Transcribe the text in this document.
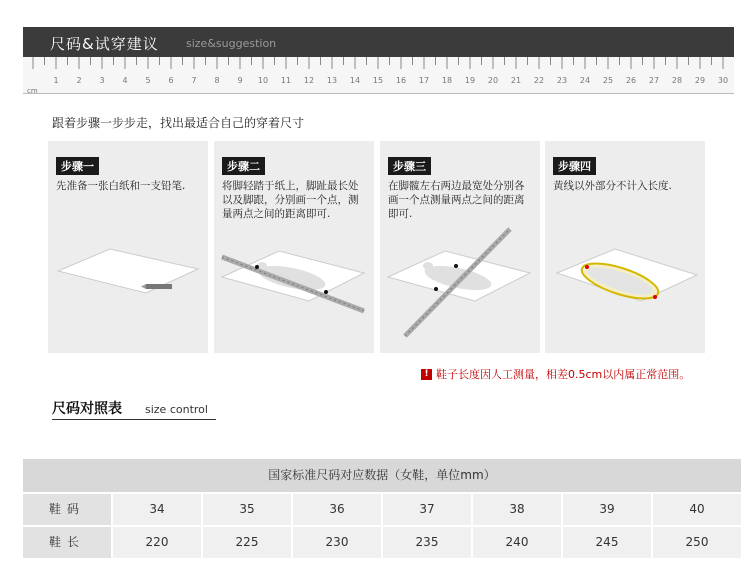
尺码&试穿建议 size&suggestion
1 2 3 4 5 6 7 8 9 10 11 12 13 14 15 16 17 18 19 20 21 22 23 24 25 26 27 28 29 30
cm
跟着步骤一步步走，找出最适合自己的穿着尺寸
步骤一
先准备一张白纸和一支铅笔.
步骤二
将脚轻踏于纸上，脚趾最长处以及脚跟，分别画一个点，测量两点之间的距离即可.
步骤三
在脚髋左右两边最宽处分别各画一个点测量两点之间的距离即可.
步骤四
黄线以外部分不计入长度.
! 鞋子长度因人工测量，相差0.5cm以内属正常范围。
尺码对照表 size control
国家标准尺码对应数据（女鞋，单位mm）
鞋码	34	35	36	37	38	39	40
鞋长	220	225	230	235	240	245	250
